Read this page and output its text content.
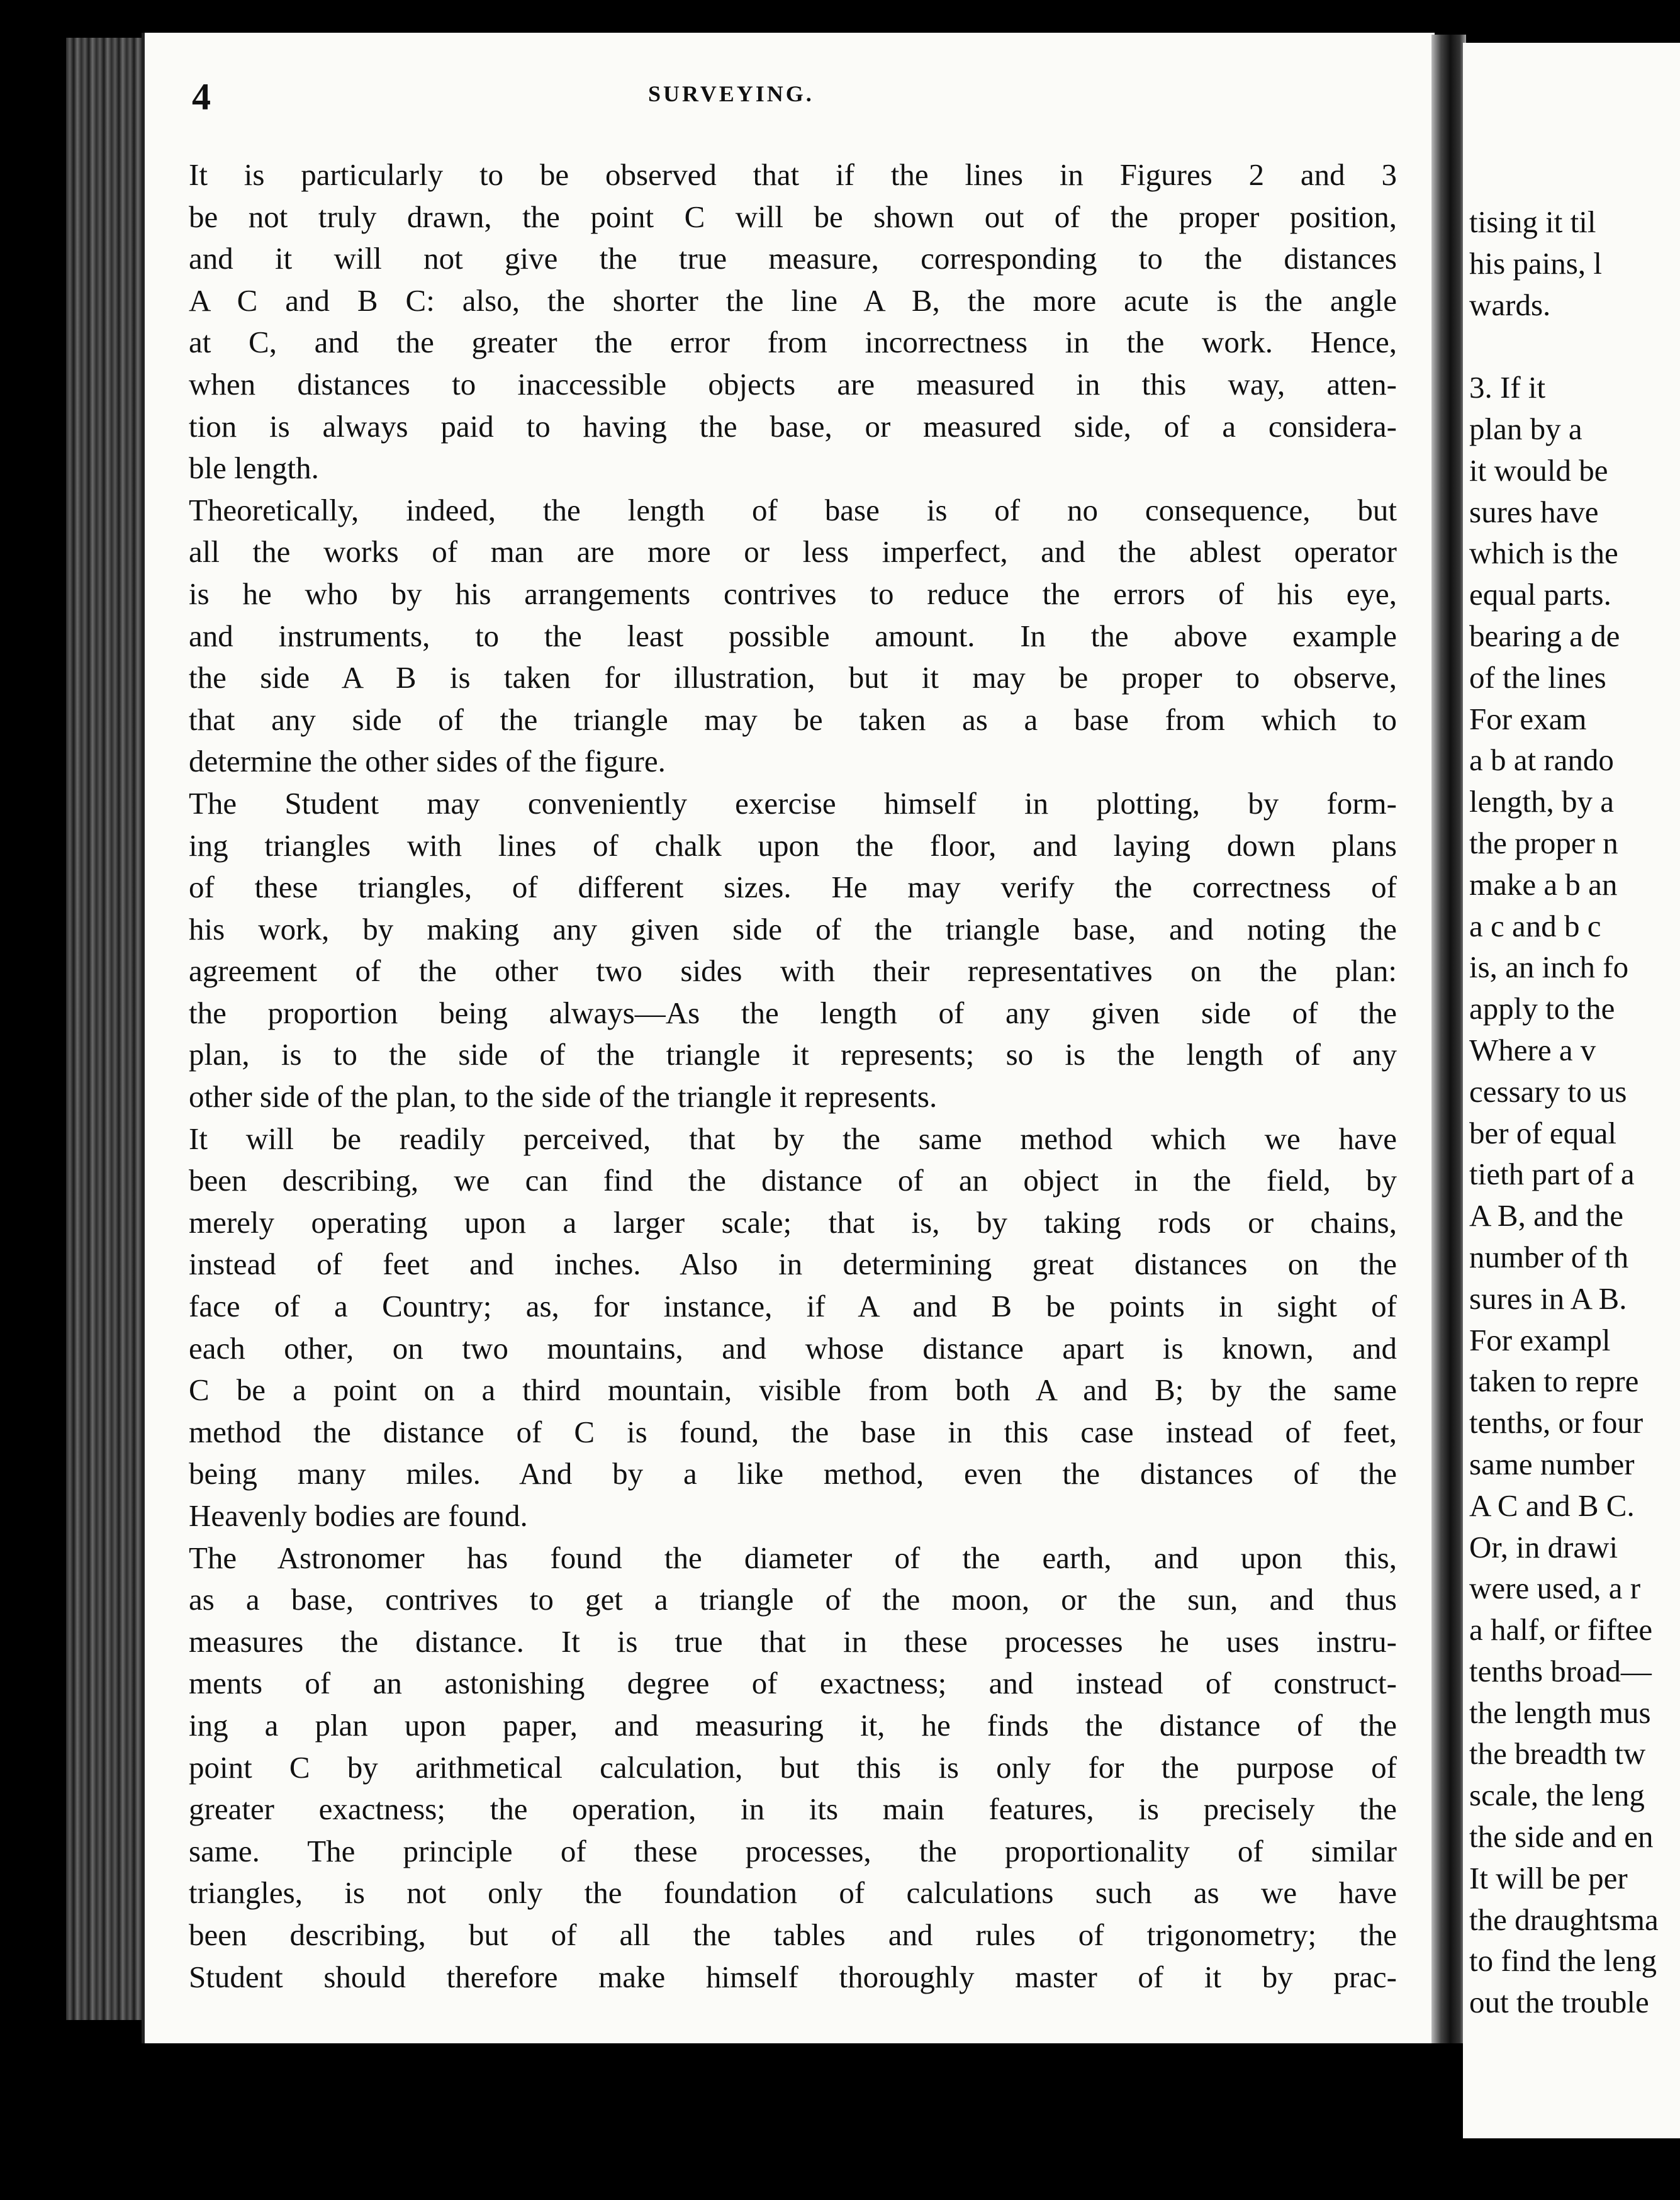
4	SURVEYING.
It is particularly to be observed that if the lines in Figures 2 and 3
be not truly drawn, the point C will be shown out of the proper position,
and it will not give the true measure, corresponding to the distances
A C and B C: also, the shorter the line A B, the more acute is the angle
at C, and the greater the error from incorrectness in the work. Hence,
when distances to inaccessible objects are measured in this way, atten-
tion is always paid to having the base, or measured side, of a considera-
ble length.
Theoretically, indeed, the length of base is of no consequence, but
all the works of man are more or less imperfect, and the ablest operator
is he who by his arrangements contrives to reduce the errors of his eye,
and instruments, to the least possible amount. In the above example
the side A B is taken for illustration, but it may be proper to observe,
that any side of the triangle may be taken as a base from which to
determine the other sides of the figure.
The Student may conveniently exercise himself in plotting, by form-
ing triangles with lines of chalk upon the floor, and laying down plans
of these triangles, of different sizes. He may verify the correctness of
his work, by making any given side of the triangle base, and noting the
agreement of the other two sides with their representatives on the plan:
the proportion being always—As the length of any given side of the
plan, is to the side of the triangle it represents; so is the length of any
other side of the plan, to the side of the triangle it represents.
It will be readily perceived, that by the same method which we have
been describing, we can find the distance of an object in the field, by
merely operating upon a larger scale; that is, by taking rods or chains,
instead of feet and inches. Also in determining great distances on the
face of a Country; as, for instance, if A and B be points in sight of
each other, on two mountains, and whose distance apart is known, and
C be a point on a third mountain, visible from both A and B; by the same
method the distance of C is found, the base in this case instead of feet,
being many miles. And by a like method, even the distances of the
Heavenly bodies are found.
The Astronomer has found the diameter of the earth, and upon this,
as a base, contrives to get a triangle of the moon, or the sun, and thus
measures the distance. It is true that in these processes he uses instru-
ments of an astonishing degree of exactness; and instead of construct-
ing a plan upon paper, and measuring it, he finds the distance of the
point C by arithmetical calculation, but this is only for the purpose of
greater exactness; the operation, in its main features, is precisely the
same. The principle of these processes, the proportionality of similar
triangles, is not only the foundation of calculations such as we have
been describing, but of all the tables and rules of trigonometry; the
Student should therefore make himself thoroughly master of it by prac-
tising it til
his pains, l
wards.
3. If it
plan by a
it would be
sures have
which is the
equal parts.
bearing a de
of the lines
For exam
a b at rando
length, by a
the proper n
make a b an
a c and b c
is, an inch fo
apply to the
Where a v
cessary to us
ber of equal
tieth part of a
A B, and the
number of th
sures in A B.
For exampl
taken to repre
tenths, or four
same number
A C and B C.
Or, in drawi
were used, a r
a half, or fiftee
tenths broad—
the length mus
the breadth tw
scale, the leng
the side and en
It will be per
the draughtsma
to find the leng
out the trouble
